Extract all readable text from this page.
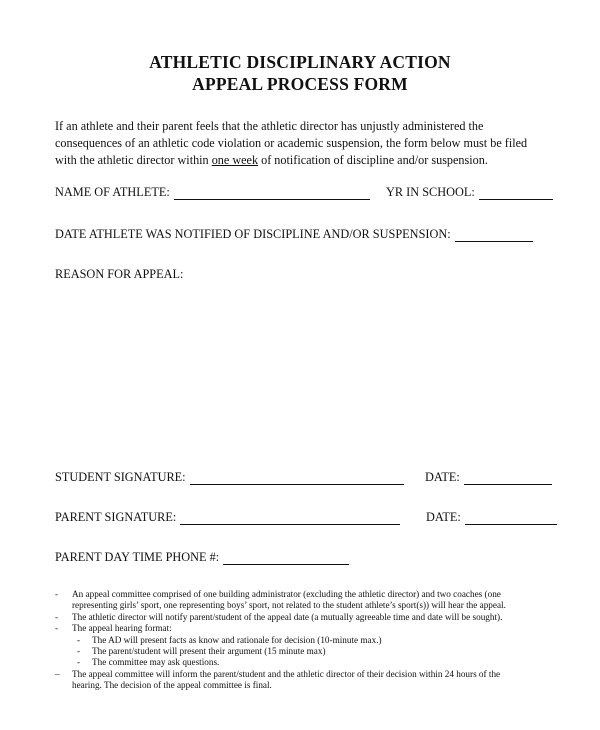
ATHLETIC DISCIPLINARY ACTION
APPEAL PROCESS FORM
If an athlete and their parent feels that the athletic director has unjustly administered the
consequences of an athletic code violation or academic suspension, the form below must be filed
with the athletic director within one week of notification of discipline and/or suspension.
NAME OF ATHLETE:	YR IN SCHOOL:
DATE ATHLETE WAS NOTIFIED OF DISCIPLINE AND/OR SUSPENSION:
REASON FOR APPEAL:
STUDENT SIGNATURE:	DATE:
PARENT SIGNATURE:	DATE:
PARENT DAY TIME PHONE #:
-	An appeal committee comprised of one building administrator (excluding the athletic director) and two coaches (one
representing girls’ sport, one representing boys’ sport, not related to the student athlete’s sport(s)) will hear the appeal.
-	The athletic director will notify parent/student of the appeal date (a mutually agreeable time and date will be sought).
-	The appeal hearing format:
-	The AD will present facts as know and rationale for decision (10-minute max.)
-	The parent/student will present their argument (15 minute max)
-	The committee may ask questions.
–	The appeal committee will inform the parent/student and the athletic director of their decision within 24 hours of the
hearing. The decision of the appeal committee is final.
